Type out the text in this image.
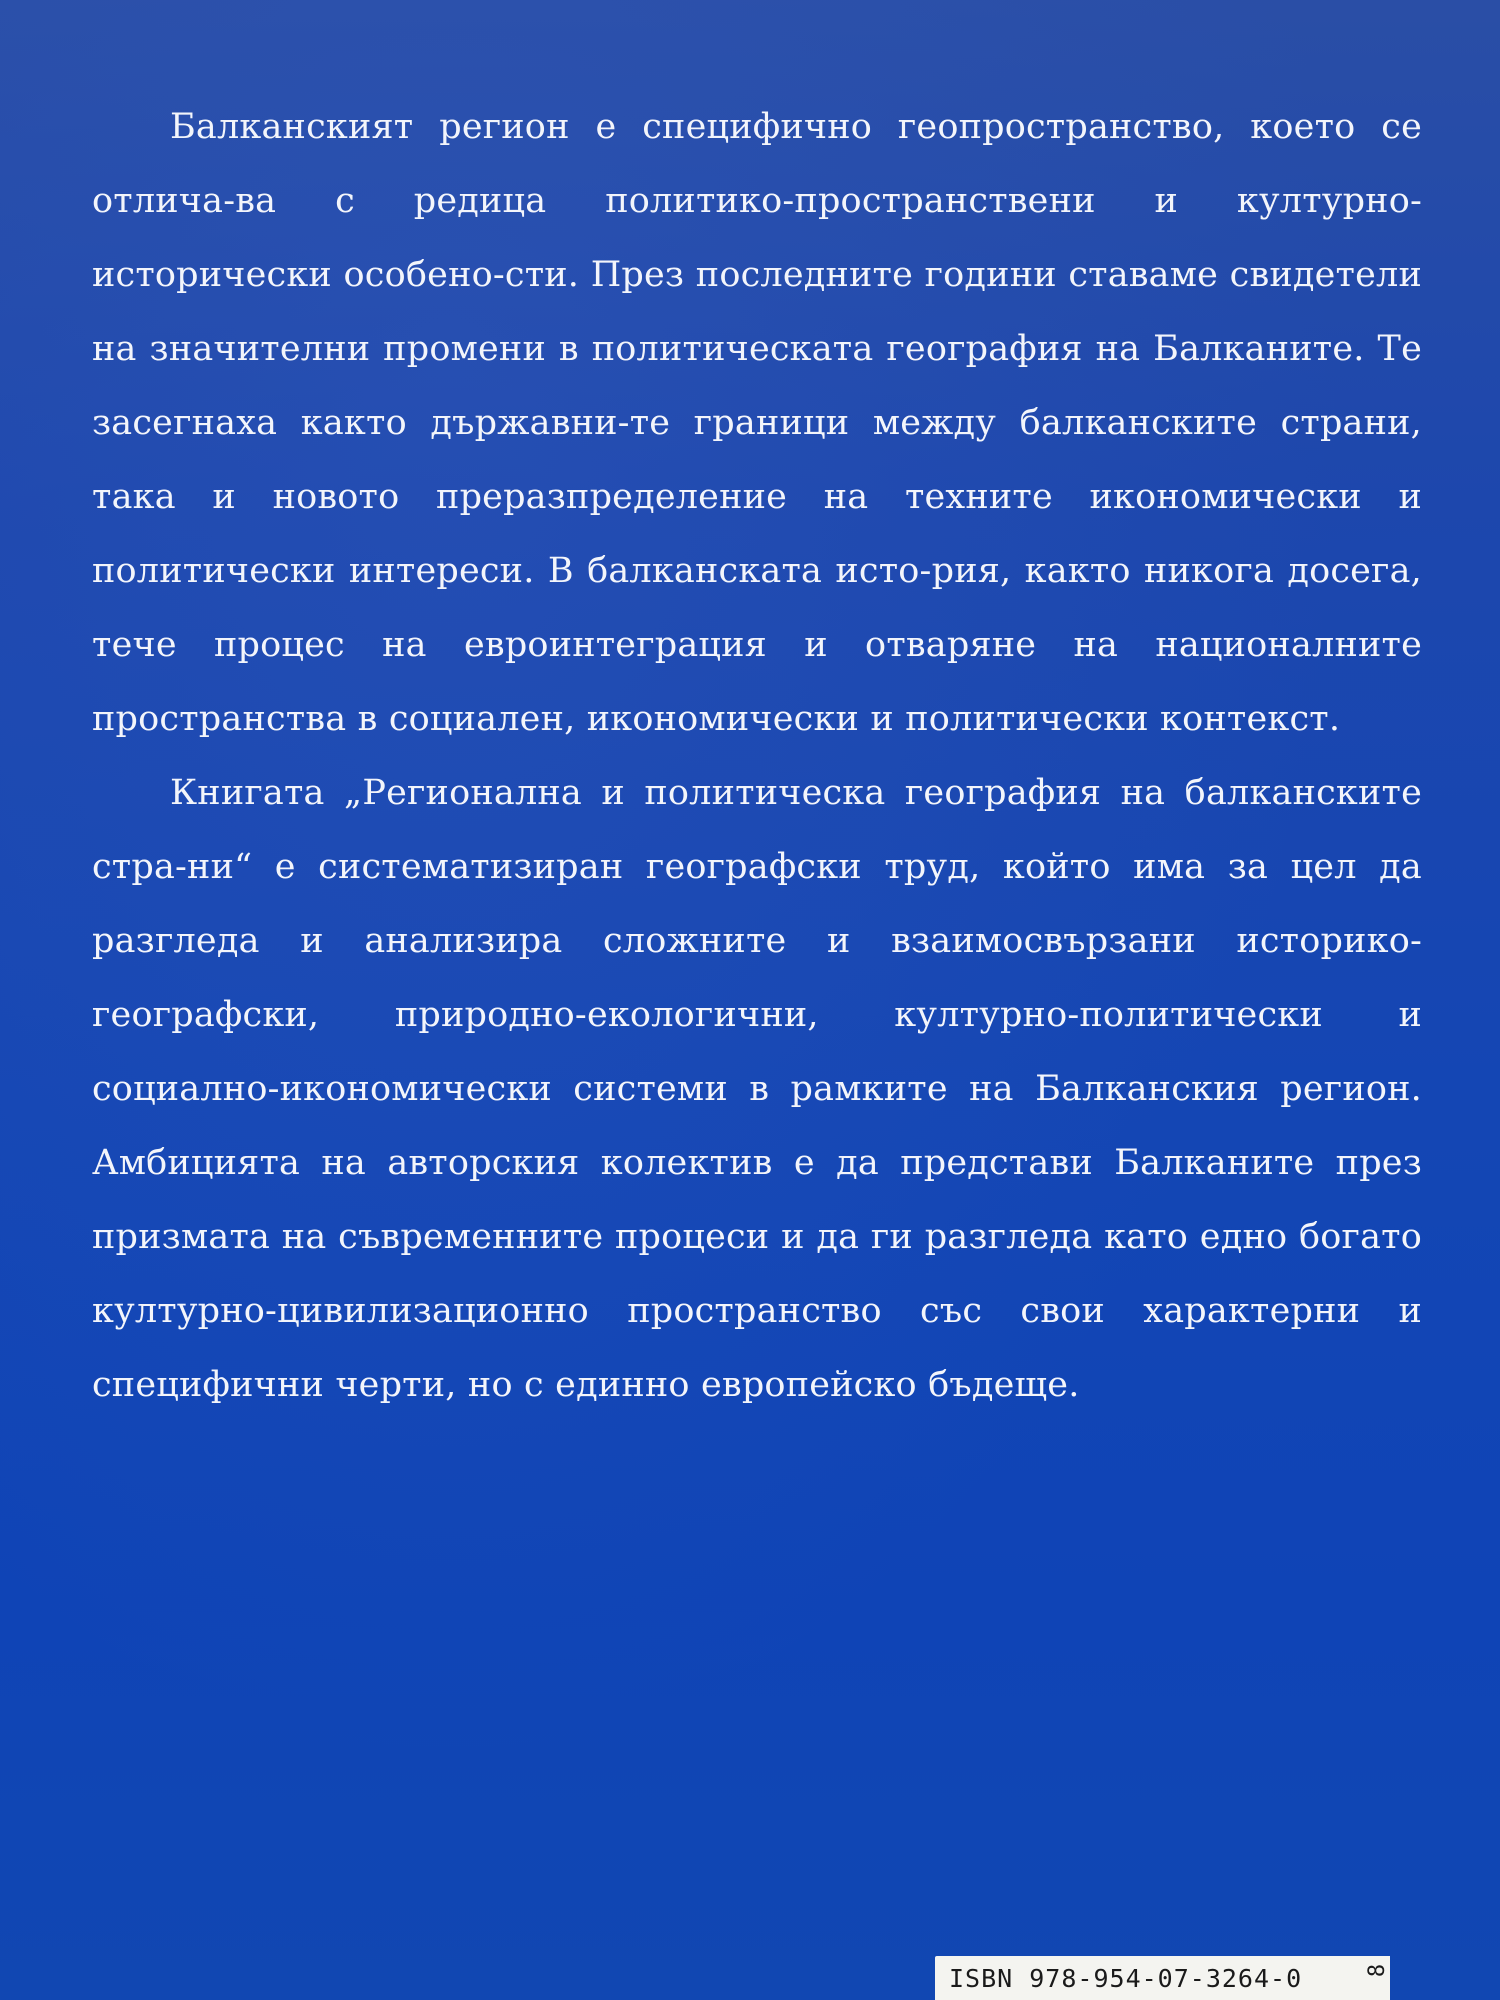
Балканският регион е специфично геопространство, което се отлича-ва с редица политико-пространствени и културно-исторически особено-сти. През последните години ставаме свидетели на значителни промени в политическата география на Балканите. Те засегнаха както държавни-те граници между балканските страни, така и новото преразпределение на техните икономически и политически интереси. В балканската исто-рия, както никога досега, тече процес на евроинтеграция и отваряне на националните пространства в социален, икономически и политически контекст.

Книгата „Регионална и политическа география на балканските стра-ни“ е систематизиран географски труд, който има за цел да разгледа и анализира сложните и взаимосвързани историко-географски, природно-екологични, културно-политически и социално-икономически системи в рамките на Балканския регион. Амбицията на авторския колектив е да представи Балканите през призмата на съвременните процеси и да ги разгледа като едно богато културно-цивилизационно пространство със свои характерни и специфични черти, но с единно европейско бъдеще.

ISBN 978-954-07-3264-0	8
